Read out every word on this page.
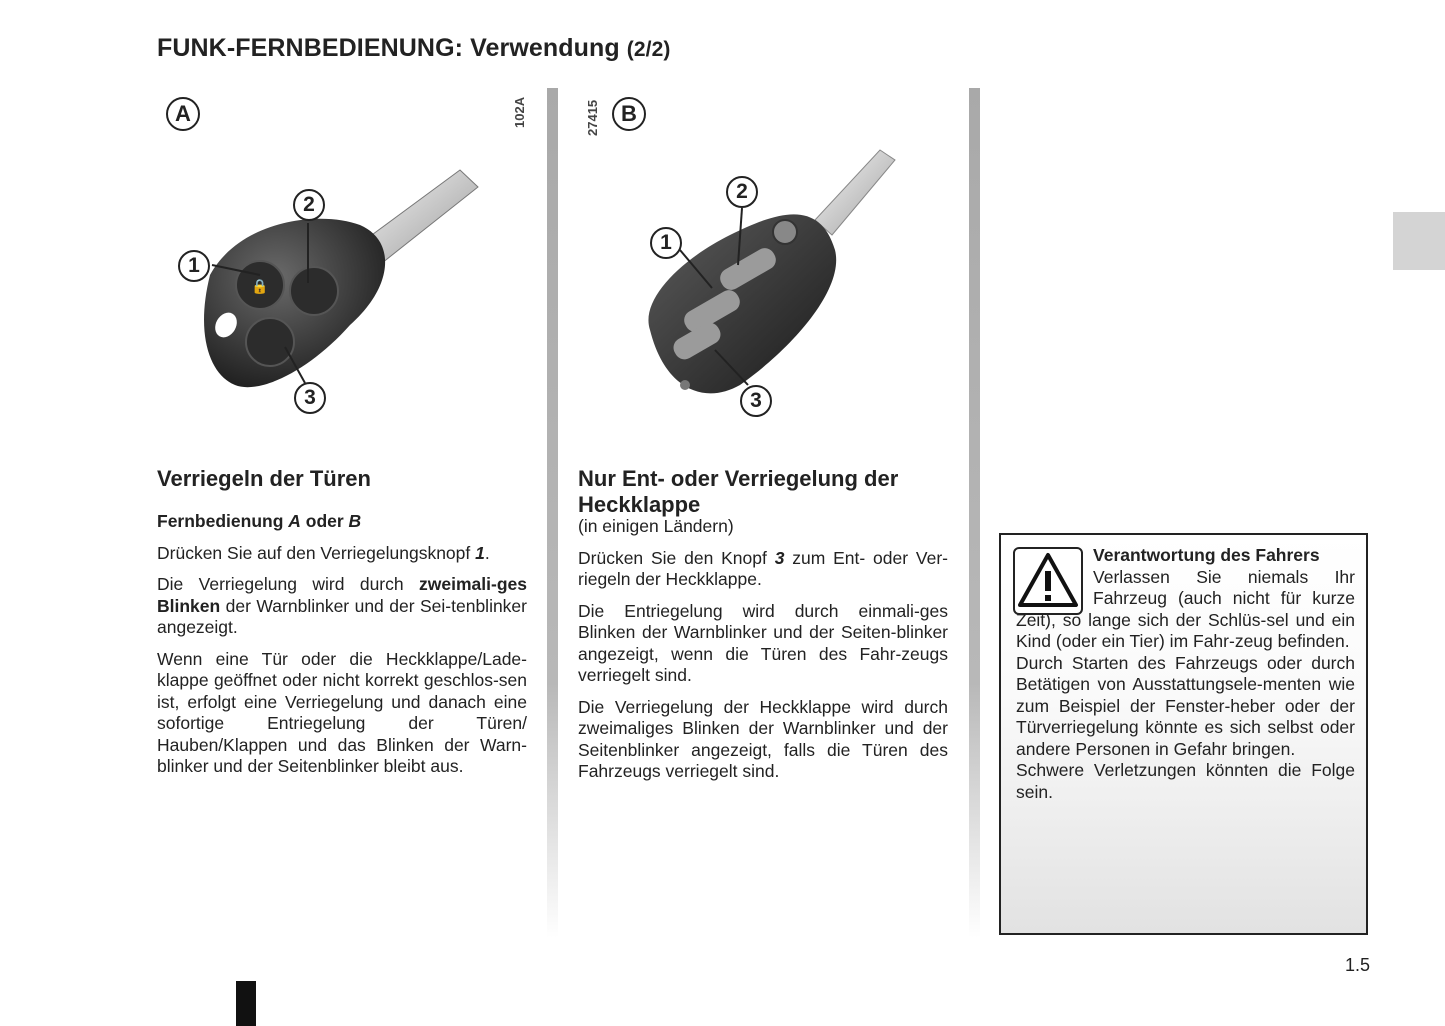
FUNK-FERNBEDIENUNG: Verwendung (2/2)
A	102A
🔒
2
1
3
27415 B
2
1
3
Verriegeln der Türen

Fernbedienung A oder B

Drücken Sie auf den Verriegelungsknopf 1.

Die Verriegelung wird durch zweimali-ges Blinken der Warnblinker und der Sei-tenblinker angezeigt.

Wenn eine Tür oder die Heckklappe/Lade-klappe geöffnet oder nicht korrekt geschlos-sen ist, erfolgt eine Verriegelung und danach eine sofortige Entriegelung der Türen/ Hauben/Klappen und das Blinken der Warn-blinker und der Seitenblinker bleibt aus.

Nur Ent- oder Verriegelung der Heckklappe

(in einigen Ländern)

Drücken Sie den Knopf 3 zum Ent- oder Ver-riegeln der Heckklappe.

Die Entriegelung wird durch einmali-ges Blinken der Warnblinker und der Seiten-blinker angezeigt, wenn die Türen des Fahr-zeugs verriegelt sind.

Die Verriegelung der Heckklappe wird durch zweimaliges Blinken der Warnblinker und der Seitenblinker angezeigt, falls die Türen des Fahrzeugs verriegelt sind.

Verantwortung des Fahrers
Verlassen Sie niemals Ihr Fahrzeug (auch nicht für kurze Zeit), so lange sich der Schlüs-sel und ein Kind (oder ein Tier) im Fahr-zeug befinden.
Durch Starten des Fahrzeugs oder durch Betätigen von Ausstattungsele-menten wie zum Beispiel der Fenster-heber oder der Türverriegelung könnte es sich selbst oder andere Personen in Gefahr bringen.
Schwere Verletzungen könnten die Folge sein.
1.5
